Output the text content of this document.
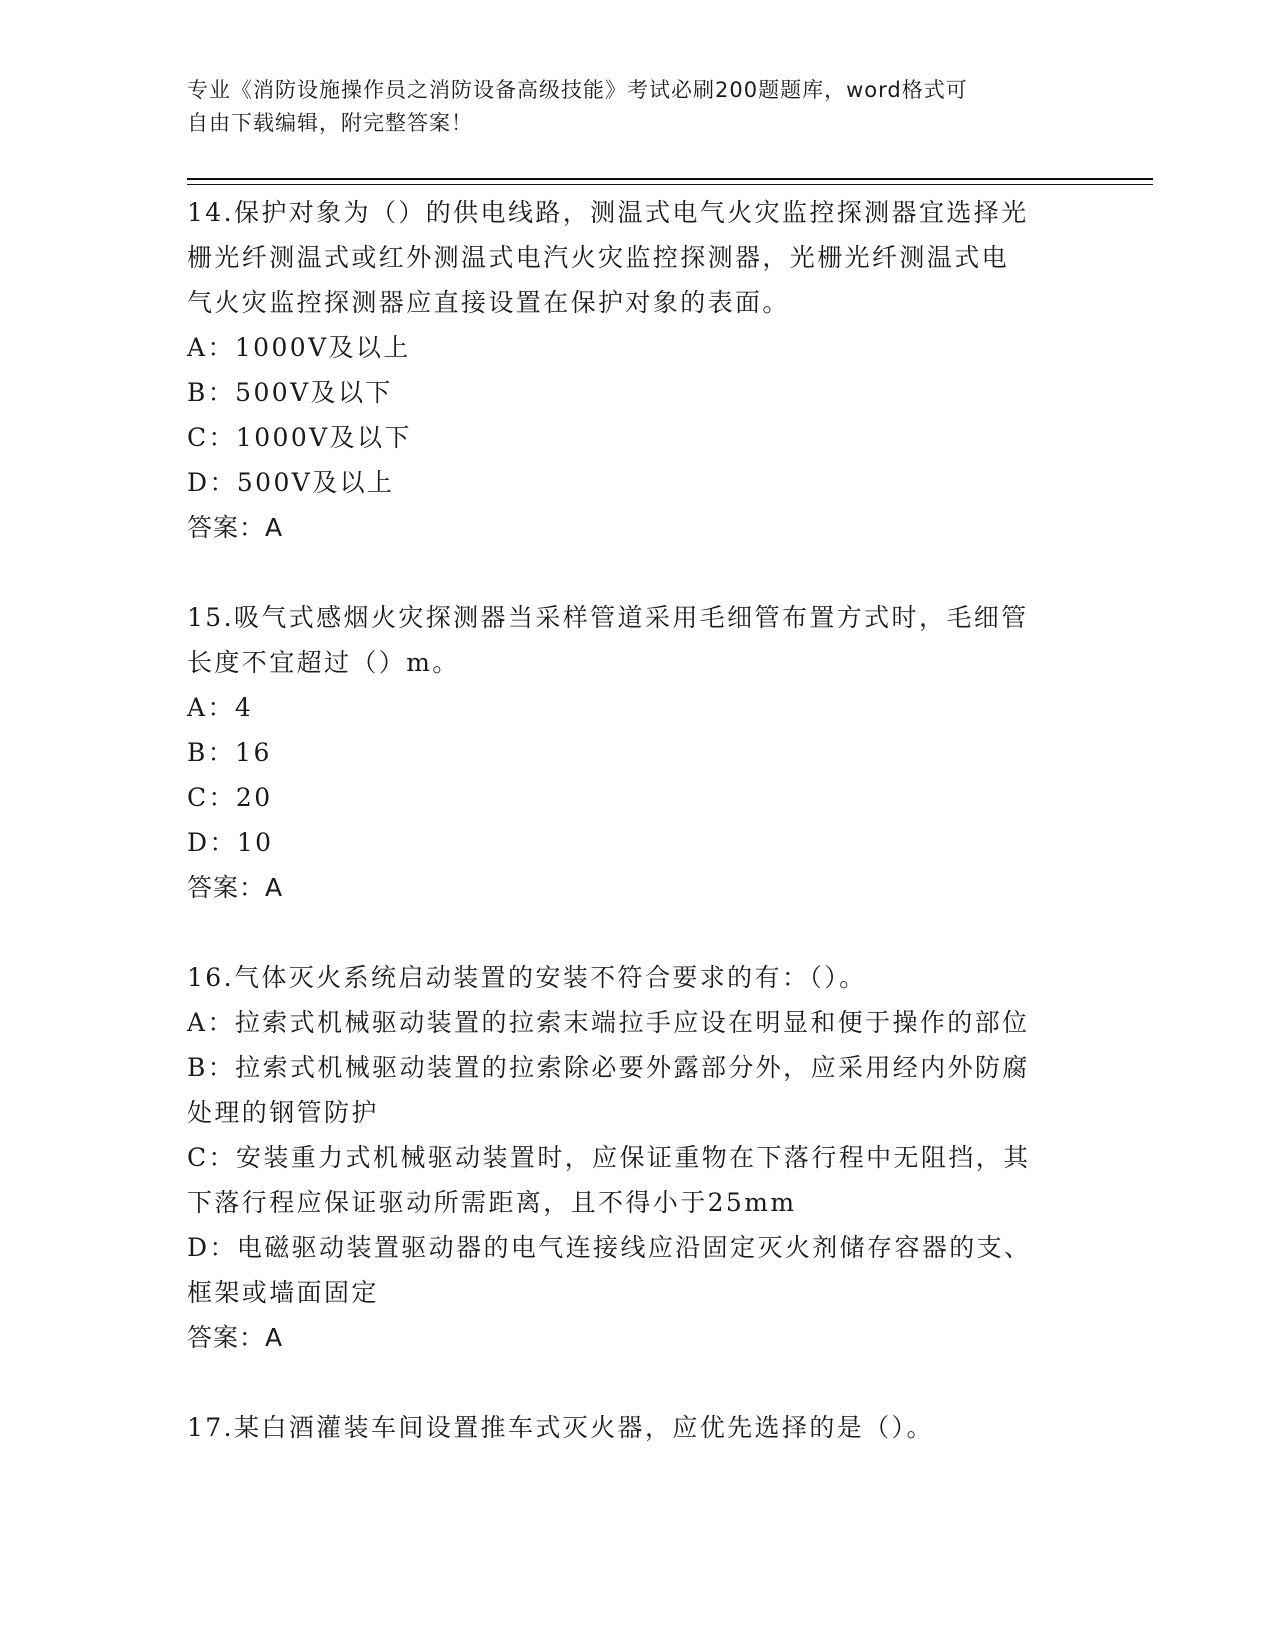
专业《消防设施操作员之消防设备高级技能》考试必刷200题题库，word格式可
自由下载编辑，附完整答案！

14.保护对象为（）的供电线路，测温式电气火灾监控探测器宜选择光

栅光纤测温式或红外测温式电汽火灾监控探测器，光栅光纤测温式电

气火灾监控探测器应直接设置在保护对象的表面。

A：1000V及以上

B：500V及以下

C：1000V及以下

D：500V及以上

答案：A

15.吸气式感烟火灾探测器当采样管道采用毛细管布置方式时，毛细管

长度不宜超过（）m。

A：4

B：16

C：20

D：10

答案：A

16.气体灭火系统启动装置的安装不符合要求的有：（）。

A：拉索式机械驱动装置的拉索末端拉手应设在明显和便于操作的部位

B：拉索式机械驱动装置的拉索除必要外露部分外，应采用经内外防腐

处理的钢管防护

C：安装重力式机械驱动装置时，应保证重物在下落行程中无阻挡，其

下落行程应保证驱动所需距离，且不得小于25mm

D：电磁驱动装置驱动器的电气连接线应沿固定灭火剂储存容器的支、

框架或墙面固定

答案：A

17.某白酒灌装车间设置推车式灭火器，应优先选择的是（）。
